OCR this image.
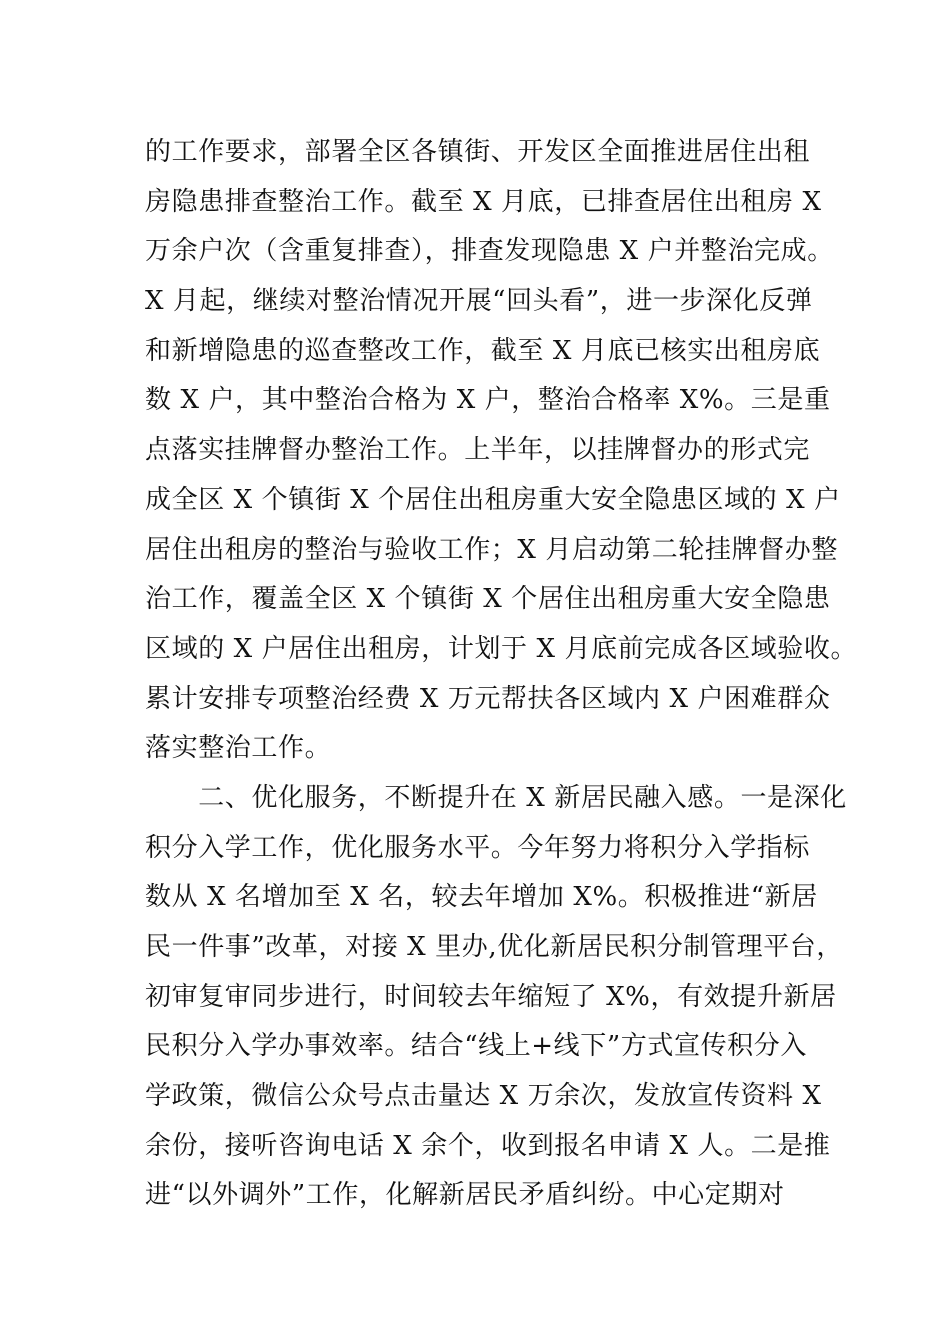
的工作要求，部署全区各镇街、开发区全面推进居住出租
房隐患排查整治工作。截至 X 月底，已排查居住出租房 X
万余户次（含重复排查），排查发现隐患 X 户并整治完成。
X 月起，继续对整治情况开展“回头看”，进一步深化反弹
和新增隐患的巡查整改工作，截至 X 月底已核实出租房底
数 X 户，其中整治合格为 X 户，整治合格率 X%。三是重
点落实挂牌督办整治工作。上半年，以挂牌督办的形式完
成全区 X 个镇街 X 个居住出租房重大安全隐患区域的 X 户
居住出租房的整治与验收工作；X 月启动第二轮挂牌督办整
治工作，覆盖全区 X 个镇街 X 个居住出租房重大安全隐患
区域的 X 户居住出租房，计划于 X 月底前完成各区域验收。
累计安排专项整治经费 X 万元帮扶各区域内 X 户困难群众
落实整治工作。
　　二、优化服务，不断提升在 X 新居民融入感。一是深化
积分入学工作，优化服务水平。今年努力将积分入学指标
数从 X 名增加至 X 名，较去年增加 X%。积极推进“新居
民一件事”改革，对接 X 里办,优化新居民积分制管理平台，
初审复审同步进行，时间较去年缩短了 X%，有效提升新居
民积分入学办事效率。结合“线上+线下”方式宣传积分入
学政策，微信公众号点击量达 X 万余次，发放宣传资料 X
余份，接听咨询电话 X 余个，收到报名申请 X 人。二是推
进“以外调外”工作，化解新居民矛盾纠纷。中心定期对
